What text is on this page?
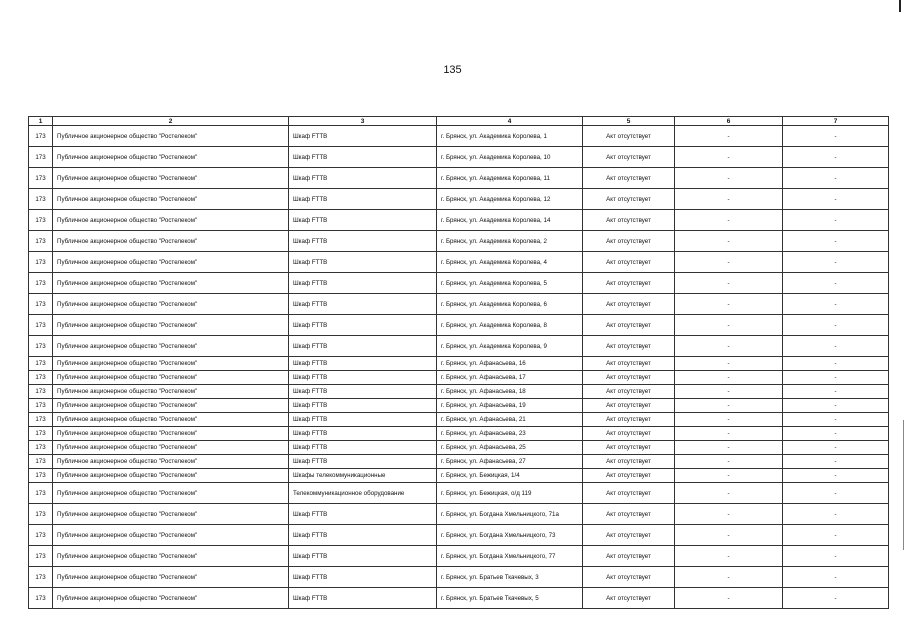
135
1	2	3	4	5	6	7
173	Публичное акционерное общество "Ростелеком"	Шкаф FTTB	г. Брянск, ул. Академика Королева, 1	Акт отсутствует	-	-
173	Публичное акционерное общество "Ростелеком"	Шкаф FTTB	г. Брянск, ул. Академика Королева, 10	Акт отсутствует	-	-
173	Публичное акционерное общество "Ростелеком"	Шкаф FTTB	г. Брянск, ул. Академика Королева, 11	Акт отсутствует	-	-
173	Публичное акционерное общество "Ростелеком"	Шкаф FTTB	г. Брянск, ул. Академика Королева, 12	Акт отсутствует	-	-
173	Публичное акционерное общество "Ростелеком"	Шкаф FTTB	г. Брянск, ул. Академика Королева, 14	Акт отсутствует	-	-
173	Публичное акционерное общество "Ростелеком"	Шкаф FTTB	г. Брянск, ул. Академика Королева, 2	Акт отсутствует	-	-
173	Публичное акционерное общество "Ростелеком"	Шкаф FTTB	г. Брянск, ул. Академика Королева, 4	Акт отсутствует	-	-
173	Публичное акционерное общество "Ростелеком"	Шкаф FTTB	г. Брянск, ул. Академика Королева, 5	Акт отсутствует	-	-
173	Публичное акционерное общество "Ростелеком"	Шкаф FTTB	г. Брянск, ул. Академика Королева, 6	Акт отсутствует	-	-
173	Публичное акционерное общество "Ростелеком"	Шкаф FTTB	г. Брянск, ул. Академика Королева, 8	Акт отсутствует	-	-
173	Публичное акционерное общество "Ростелеком"	Шкаф FTTB	г. Брянск, ул. Академика Королева, 9	Акт отсутствует	-	-
173	Публичное акционерное общество "Ростелеком"	Шкаф FTTB	г. Брянск, ул. Афанасьева, 16	Акт отсутствует	-	-
173	Публичное акционерное общество "Ростелеком"	Шкаф FTTB	г. Брянск, ул. Афанасьева, 17	Акт отсутствует	-	-
173	Публичное акционерное общество "Ростелеком"	Шкаф FTTB	г. Брянск, ул. Афанасьева, 18	Акт отсутствует	-	-
173	Публичное акционерное общество "Ростелеком"	Шкаф FTTB	г. Брянск, ул. Афанасьева, 19	Акт отсутствует	-	-
173	Публичное акционерное общество "Ростелеком"	Шкаф FTTB	г. Брянск, ул. Афанасьева, 21	Акт отсутствует	-	-
173	Публичное акционерное общество "Ростелеком"	Шкаф FTTB	г. Брянск, ул. Афанасьева, 23	Акт отсутствует	-	-
173	Публичное акционерное общество "Ростелеком"	Шкаф FTTB	г. Брянск, ул. Афанасьева, 25	Акт отсутствует	-	-
173	Публичное акционерное общество "Ростелеком"	Шкаф FTTB	г. Брянск, ул. Афанасьева, 27	Акт отсутствует	-	-
173	Публичное акционерное общество "Ростелеком"	Шкафы телекоммуникационные	г. Брянск, ул. Бежицкая, 1/4	Акт отсутствует	-	-
173	Публичное акционерное общество "Ростелеком"	Телекоммуникационное оборудование	г. Брянск, ул. Бежицкая, о/д 119	Акт отсутствует	-	-
173	Публичное акционерное общество "Ростелеком"	Шкаф FTTB	г. Брянск, ул. Богдана Хмельницкого, 71а	Акт отсутствует	-	-
173	Публичное акционерное общество "Ростелеком"	Шкаф FTTB	г. Брянск, ул. Богдана Хмельницкого, 73	Акт отсутствует	-	-
173	Публичное акционерное общество "Ростелеком"	Шкаф FTTB	г. Брянск, ул. Богдана Хмельницкого, 77	Акт отсутствует	-	-
173	Публичное акционерное общество "Ростелеком"	Шкаф FTTB	г. Брянск, ул. Братьев Ткачевых, 3	Акт отсутствует	-	-
173	Публичное акционерное общество "Ростелеком"	Шкаф FTTB	г. Брянск, ул. Братьев Ткачевых, 5	Акт отсутствует	-	-
